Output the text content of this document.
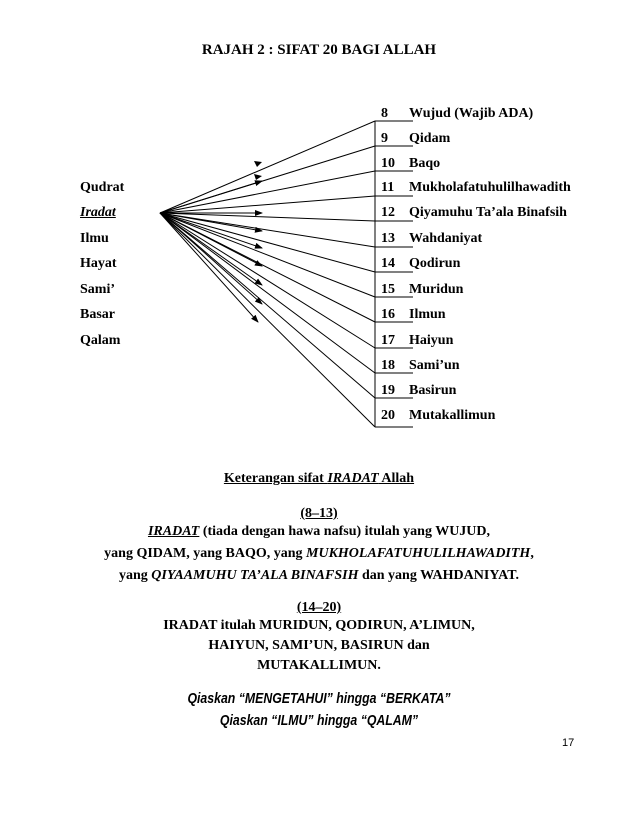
RAJAH 2 : SIFAT 20 BAGI ALLAH
Qudrat
Iradat
Ilmu
Hayat
Sami’
Basar
Qalam
8 Wujud (Wajib ADA)
9 Qidam
10 Baqo
11 Mukholafatuhulilhawadith
12 Qiyamuhu Ta’ala Binafsih
13 Wahdaniyat
14 Qodirun
15 Muridun
16 Ilmun
17 Haiyun
18 Sami’un
19 Basirun
20 Mutakallimun
Keterangan sifat IRADAT Allah
(8–13)
IRADAT (tiada dengan hawa nafsu) itulah yang WUJUD,
yang QIDAM, yang BAQO, yang MUKHOLAFATUHULILHAWADITH,
yang QIYAAMUHU TA’ALA BINAFSIH dan yang WAHDANIYAT.
(14–20)
IRADAT itulah MURIDUN, QODIRUN, A’LIMUN,
HAIYUN, SAMI’UN, BASIRUN dan
MUTAKALLIMUN.
Qiaskan “MENGETAHUI” hingga “BERKATA”
Qiaskan “ILMU” hingga “QALAM”
17
